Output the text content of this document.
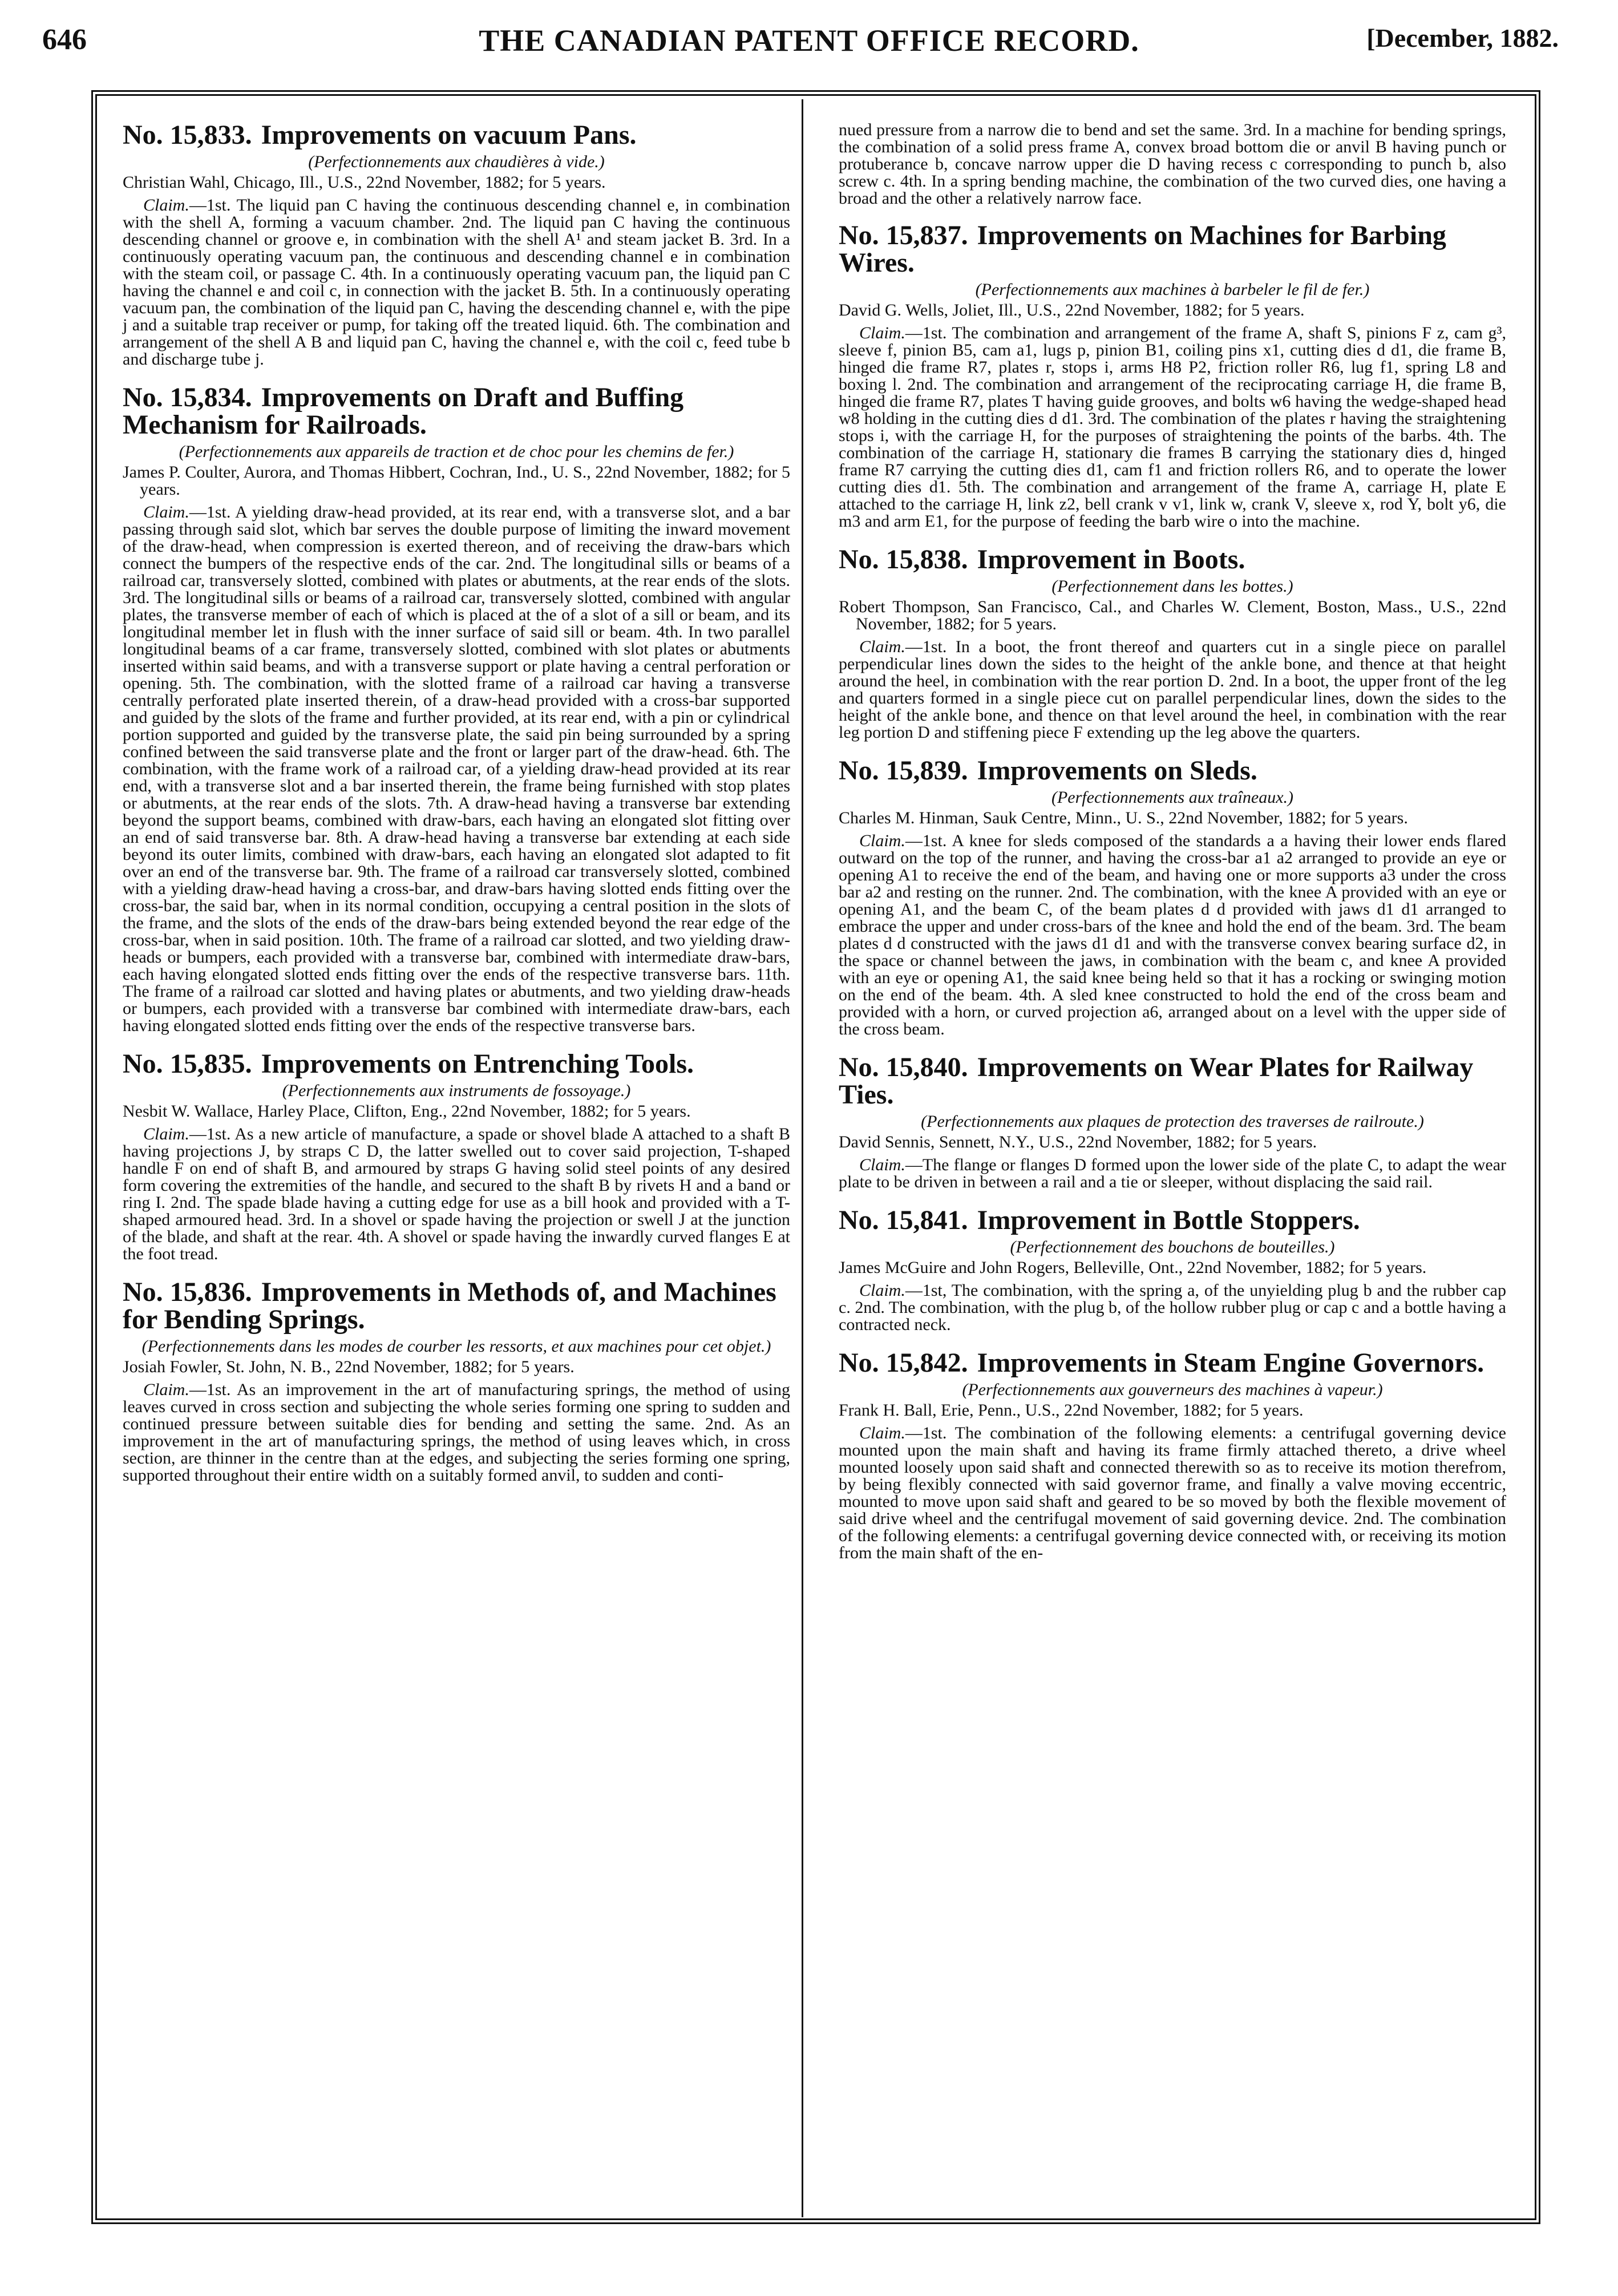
646	THE CANADIAN PATENT OFFICE RECORD.	[December, 1882.
No. 15,833. Improvements on vacuum Pans.
(Perfectionnements aux chaudières à vide.)
Christian Wahl, Chicago, Ill., U.S., 22nd November, 1882; for 5 years.
Claim.—1st. The liquid pan C having the continuous descending channel e, in combination with the shell A, forming a vacuum chamber. 2nd. The liquid pan C having the continuous descending channel or groove e, in combination with the shell A¹ and steam jacket B. 3rd. In a continuously operating vacuum pan, the continuous and descending channel e in combination with the steam coil, or passage C. 4th. In a continuously operating vacuum pan, the liquid pan C having the channel e and coil c, in connection with the jacket B. 5th. In a continuously operating vacuum pan, the combination of the liquid pan C, having the descending channel e, with the pipe j and a suitable trap receiver or pump, for taking off the treated liquid. 6th. The combination and arrangement of the shell A B and liquid pan C, having the channel e, with the coil c, feed tube b and discharge tube j.
No. 15,834. Improvements on Draft and Buffing Mechanism for Railroads.
(Perfectionnements aux appareils de traction et de choc pour les chemins de fer.)
James P. Coulter, Aurora, and Thomas Hibbert, Cochran, Ind., U. S., 22nd November, 1882; for 5 years.
Claim.—1st. A yielding draw-head provided, at its rear end, with a transverse slot, and a bar passing through said slot, which bar serves the double purpose of limiting the inward movement of the draw-head, when compression is exerted thereon, and of receiving the draw-bars which connect the bumpers of the respective ends of the car. 2nd. The longitudinal sills or beams of a railroad car, transversely slotted, combined with plates or abutments, at the rear ends of the slots. 3rd. The longitudinal sills or beams of a railroad car, transversely slotted, combined with angular plates, the transverse member of each of which is placed at the of a slot of a sill or beam, and its longitudinal member let in flush with the inner surface of said sill or beam. 4th. In two parallel longitudinal beams of a car frame, transversely slotted, combined with slot plates or abutments inserted within said beams, and with a transverse support or plate having a central perforation or opening. 5th. The combination, with the slotted frame of a railroad car having a transverse centrally perforated plate inserted therein, of a draw-head provided with a cross-bar supported and guided by the slots of the frame and further provided, at its rear end, with a pin or cylindrical portion supported and guided by the transverse plate, the said pin being surrounded by a spring confined between the said transverse plate and the front or larger part of the draw-head. 6th. The combination, with the frame work of a railroad car, of a yielding draw-head provided at its rear end, with a transverse slot and a bar inserted therein, the frame being furnished with stop plates or abutments, at the rear ends of the slots. 7th. A draw-head having a transverse bar extending beyond the support beams, combined with draw-bars, each having an elongated slot fitting over an end of said transverse bar. 8th. A draw-head having a transverse bar extending at each side beyond its outer limits, combined with draw-bars, each having an elongated slot adapted to fit over an end of the transverse bar. 9th. The frame of a railroad car transversely slotted, combined with a yielding draw-head having a cross-bar, and draw-bars having slotted ends fitting over the cross-bar, the said bar, when in its normal condition, occupying a central position in the slots of the frame, and the slots of the ends of the draw-bars being extended beyond the rear edge of the cross-bar, when in said position. 10th. The frame of a railroad car slotted, and two yielding draw-heads or bumpers, each provided with a transverse bar, combined with intermediate draw-bars, each having elongated slotted ends fitting over the ends of the respective transverse bars. 11th. The frame of a railroad car slotted and having plates or abutments, and two yielding draw-heads or bumpers, each provided with a transverse bar combined with intermediate draw-bars, each having elongated slotted ends fitting over the ends of the respective transverse bars.
No. 15,835. Improvements on Entrenching Tools.
(Perfectionnements aux instruments de fossoyage.)
Nesbit W. Wallace, Harley Place, Clifton, Eng., 22nd November, 1882; for 5 years.
Claim.—1st. As a new article of manufacture, a spade or shovel blade A attached to a shaft B having projections J, by straps C D, the latter swelled out to cover said projection, T-shaped handle F on end of shaft B, and armoured by straps G having solid steel points of any desired form covering the extremities of the handle, and secured to the shaft B by rivets H and a band or ring I. 2nd. The spade blade having a cutting edge for use as a bill hook and provided with a T-shaped armoured head. 3rd. In a shovel or spade having the projection or swell J at the junction of the blade, and shaft at the rear. 4th. A shovel or spade having the inwardly curved flanges E at the foot tread.
No. 15,836. Improvements in Methods of, and Machines for Bending Springs.
(Perfectionnements dans les modes de courber les ressorts, et aux machines pour cet objet.)
Josiah Fowler, St. John, N. B., 22nd November, 1882; for 5 years.
Claim.—1st. As an improvement in the art of manufacturing springs, the method of using leaves curved in cross section and subjecting the whole series forming one spring to sudden and continued pressure between suitable dies for bending and setting the same. 2nd. As an improvement in the art of manufacturing springs, the method of using leaves which, in cross section, are thinner in the centre than at the edges, and subjecting the series forming one spring, supported throughout their entire width on a suitably formed anvil, to sudden and conti-

nued pressure from a narrow die to bend and set the same. 3rd. In a machine for bending springs, the combination of a solid press frame A, convex broad bottom die or anvil B having punch or protuberance b, concave narrow upper die D having recess c corresponding to punch b, also screw c. 4th. In a spring bending machine, the combination of the two curved dies, one having a broad and the other a relatively narrow face.

No. 15,837. Improvements on Machines for Barbing Wires.
(Perfectionnements aux machines à barbeler le fil de fer.)
David G. Wells, Joliet, Ill., U.S., 22nd November, 1882; for 5 years.
Claim.—1st. The combination and arrangement of the frame A, shaft S, pinions F z, cam g³, sleeve f, pinion B5, cam a1, lugs p, pinion B1, coiling pins x1, cutting dies d d1, die frame B, hinged die frame R7, plates r, stops i, arms H8 P2, friction roller R6, lug f1, spring L8 and boxing l. 2nd. The combination and arrangement of the reciprocating carriage H, die frame B, hinged die frame R7, plates T having guide grooves, and bolts w6 having the wedge-shaped head w8 holding in the cutting dies d d1. 3rd. The combination of the plates r having the straightening stops i, with the carriage H, for the purposes of straightening the points of the barbs. 4th. The combination of the carriage H, stationary die frames B carrying the stationary dies d, hinged frame R7 carrying the cutting dies d1, cam f1 and friction rollers R6, and to operate the lower cutting dies d1. 5th. The combination and arrangement of the frame A, carriage H, plate E attached to the carriage H, link z2, bell crank v v1, link w, crank V, sleeve x, rod Y, bolt y6, die m3 and arm E1, for the purpose of feeding the barb wire o into the machine.
No. 15,838. Improvement in Boots.
(Perfectionnement dans les bottes.)
Robert Thompson, San Francisco, Cal., and Charles W. Clement, Boston, Mass., U.S., 22nd November, 1882; for 5 years.
Claim.—1st. In a boot, the front thereof and quarters cut in a single piece on parallel perpendicular lines down the sides to the height of the ankle bone, and thence at that height around the heel, in combination with the rear portion D. 2nd. In a boot, the upper front of the leg and quarters formed in a single piece cut on parallel perpendicular lines, down the sides to the height of the ankle bone, and thence on that level around the heel, in combination with the rear leg portion D and stiffening piece F extending up the leg above the quarters.
No. 15,839. Improvements on Sleds.
(Perfectionnements aux traîneaux.)
Charles M. Hinman, Sauk Centre, Minn., U. S., 22nd November, 1882; for 5 years.
Claim.—1st. A knee for sleds composed of the standards a a having their lower ends flared outward on the top of the runner, and having the cross-bar a1 a2 arranged to provide an eye or opening A1 to receive the end of the beam, and having one or more supports a3 under the cross bar a2 and resting on the runner. 2nd. The combination, with the knee A provided with an eye or opening A1, and the beam C, of the beam plates d d provided with jaws d1 d1 arranged to embrace the upper and under cross-bars of the knee and hold the end of the beam. 3rd. The beam plates d d constructed with the jaws d1 d1 and with the transverse convex bearing surface d2, in the space or channel between the jaws, in combination with the beam c, and knee A provided with an eye or opening A1, the said knee being held so that it has a rocking or swinging motion on the end of the beam. 4th. A sled knee constructed to hold the end of the cross beam and provided with a horn, or curved projection a6, arranged about on a level with the upper side of the cross beam.
No. 15,840. Improvements on Wear Plates for Railway Ties.
(Perfectionnements aux plaques de protection des traverses de railroute.)
David Sennis, Sennett, N.Y., U.S., 22nd November, 1882; for 5 years.
Claim.—The flange or flanges D formed upon the lower side of the plate C, to adapt the wear plate to be driven in between a rail and a tie or sleeper, without displacing the said rail.
No. 15,841. Improvement in Bottle Stoppers.
(Perfectionnement des bouchons de bouteilles.)
James McGuire and John Rogers, Belleville, Ont., 22nd November, 1882; for 5 years.
Claim.—1st, The combination, with the spring a, of the unyielding plug b and the rubber cap c. 2nd. The combination, with the plug b, of the hollow rubber plug or cap c and a bottle having a contracted neck.
No. 15,842. Improvements in Steam Engine Governors.
(Perfectionnements aux gouverneurs des machines à vapeur.)
Frank H. Ball, Erie, Penn., U.S., 22nd November, 1882; for 5 years.
Claim.—1st. The combination of the following elements: a centrifugal governing device mounted upon the main shaft and having its frame firmly attached thereto, a drive wheel mounted loosely upon said shaft and connected therewith so as to receive its motion therefrom, by being flexibly connected with said governor frame, and finally a valve moving eccentric, mounted to move upon said shaft and geared to be so moved by both the flexible movement of said drive wheel and the centrifugal movement of said governing device. 2nd. The combination of the following elements: a centrifugal governing device connected with, or receiving its motion from the main shaft of the en-
